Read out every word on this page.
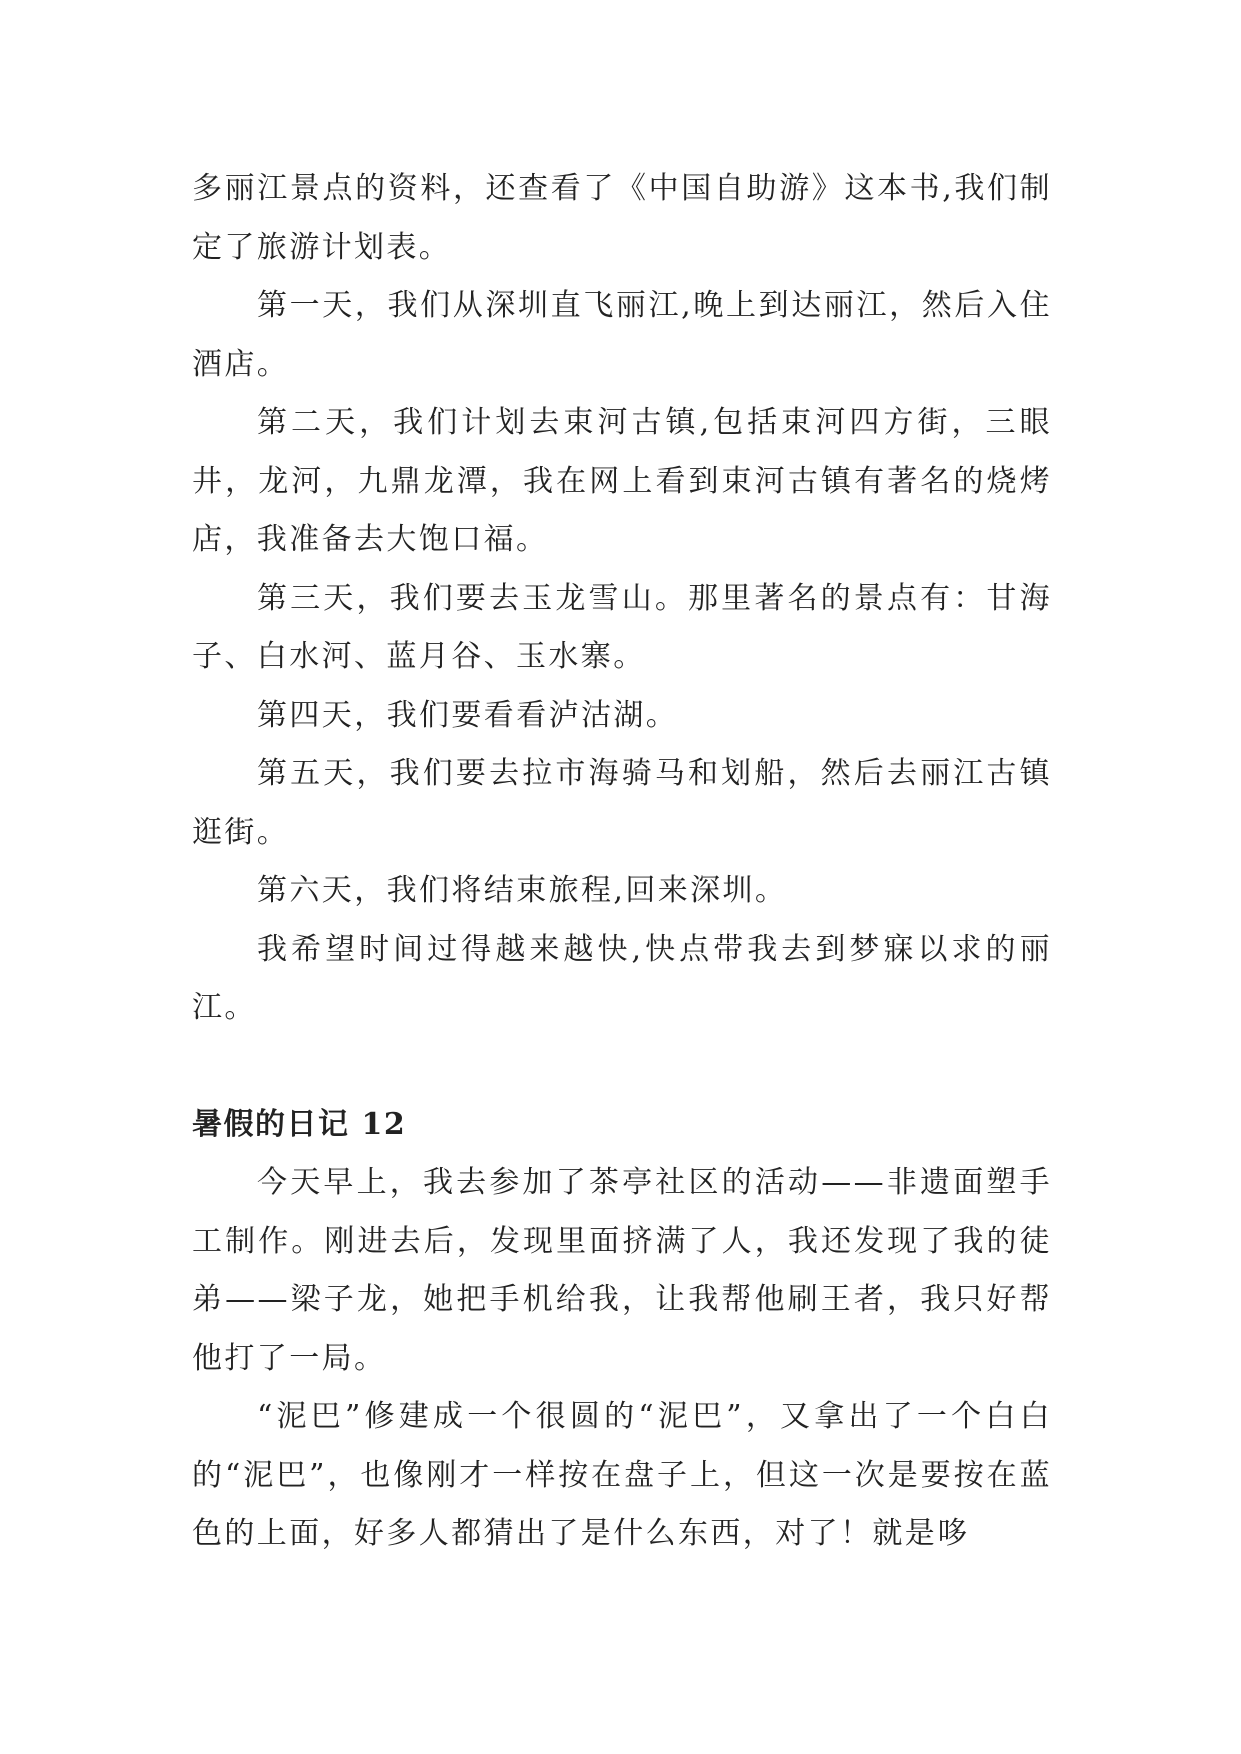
多丽江景点的资料，还查看了《中国自助游》这本书,我们制定了旅游计划表。

第一天，我们从深圳直飞丽江,晚上到达丽江，然后入住酒店。

第二天，我们计划去束河古镇,包括束河四方街，三眼井，龙河，九鼎龙潭，我在网上看到束河古镇有著名的烧烤店，我准备去大饱口福。

第三天，我们要去玉龙雪山。那里著名的景点有：甘海子、白水河、蓝月谷、玉水寨。

第四天，我们要看看泸沽湖。

第五天，我们要去拉市海骑马和划船，然后去丽江古镇逛街。

第六天，我们将结束旅程,回来深圳。

我希望时间过得越来越快,快点带我去到梦寐以求的丽江。

暑假的日记 12

今天早上，我去参加了茶亭社区的活动——非遗面塑手工制作。刚进去后，发现里面挤满了人，我还发现了我的徒弟——梁子龙，她把手机给我，让我帮他刷王者，我只好帮他打了一局。

“泥巴”修建成一个很圆的“泥巴”，又拿出了一个白白的“泥巴”，也像刚才一样按在盘子上，但这一次是要按在蓝色的上面，好多人都猜出了是什么东西，对了！就是哆
